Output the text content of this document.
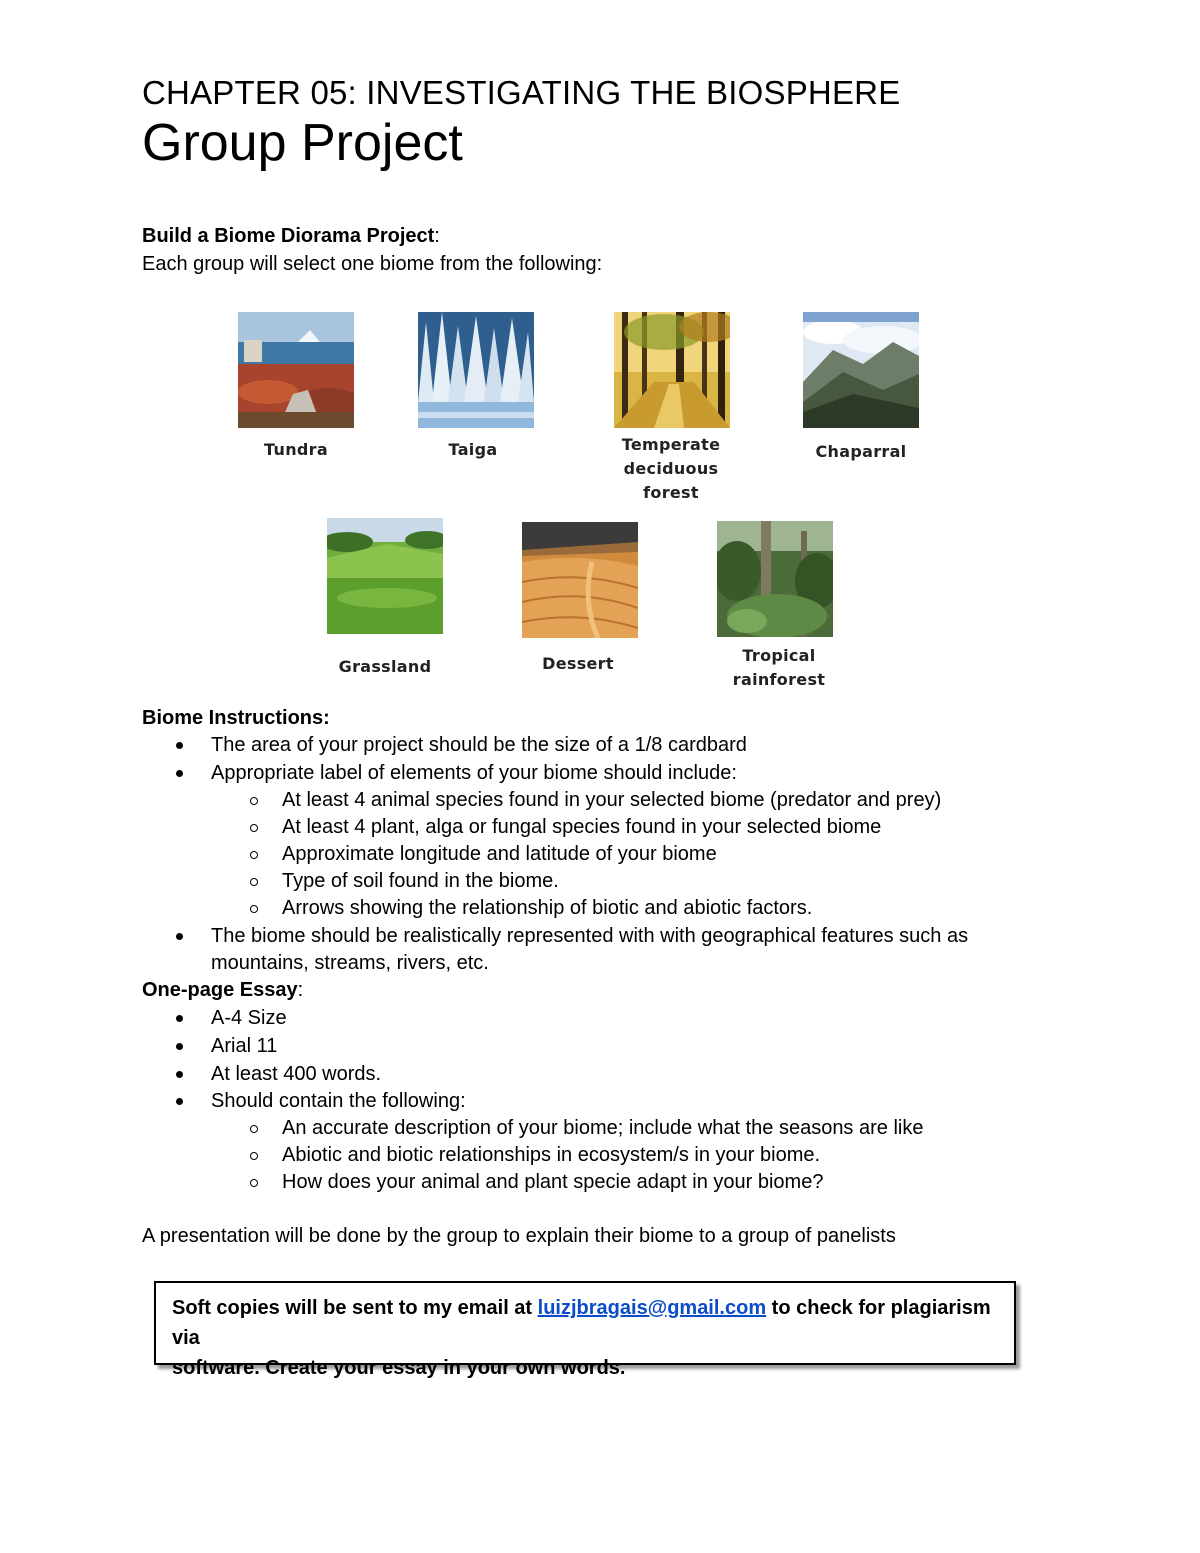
CHAPTER 05: INVESTIGATING THE BIOSPHERE
Group Project
Build a Biome Diorama Project:
Each group will select one biome from the following:
Tundra	Taiga	Temperate
deciduous
forest
Chaparral
Grassland	Dessert	Tropical
rainforest
Biome Instructions:
The area of your project should be the size of a 1/8 cardbard
Appropriate label of elements of your biome should include:
At least 4 animal species found in your selected biome (predator and prey)
At least 4 plant, alga or fungal species found in your selected biome
Approximate longitude and latitude of your biome
Type of soil found in the biome.
Arrows showing the relationship of biotic and abiotic factors.
The biome should be realistically represented with with geographical features such as
mountains, streams, rivers, etc.
One-page Essay:
A-4 Size
Arial 11
At least 400 words.
Should contain the following:
An accurate description of your biome; include what the seasons are like
Abiotic and biotic relationships in ecosystem/s in your biome.
How does your animal and plant specie adapt in your biome?
A presentation will be done by the group to explain their biome to a group of panelists
Soft copies will be sent to my email at luizjbragais@gmail.com to check for plagiarism via
software. Create your essay in your own words.
